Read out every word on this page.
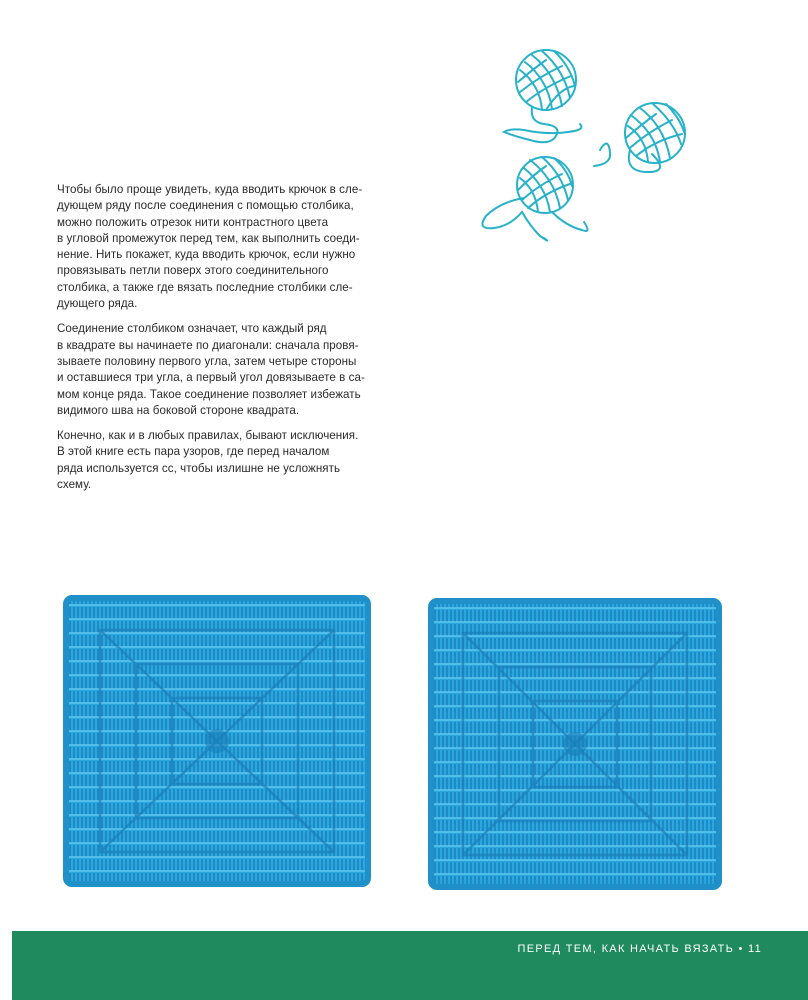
Чтобы было проще увидеть, куда вводить крючок в сле-
дующем ряду после соединения с помощью столбика,
можно положить отрезок нити контрастного цвета
в угловой промежуток перед тем, как выполнить соеди-
нение. Нить покажет, куда вводить крючок, если нужно
провязывать петли поверх этого соединительного
столбика, а также где вязать последние столбики сле-
дующего ряда.

Соединение столбиком означает, что каждый ряд
в квадрате вы начинаете по диагонали: сначала провя-
зываете половину первого угла, затем четыре стороны
и оставшиеся три угла, а первый угол довязываете в са-
мом конце ряда. Такое соединение позволяет избежать
видимого шва на боковой стороне квадрата.

Конечно, как и в любых правилах, бывают исключения.
В этой книге есть пара узоров, где перед началом
ряда используется сс, чтобы излишне не усложнять
схему.

ПЕРЕД ТЕМ, КАК НАЧАТЬ ВЯЗАТЬ • 11
